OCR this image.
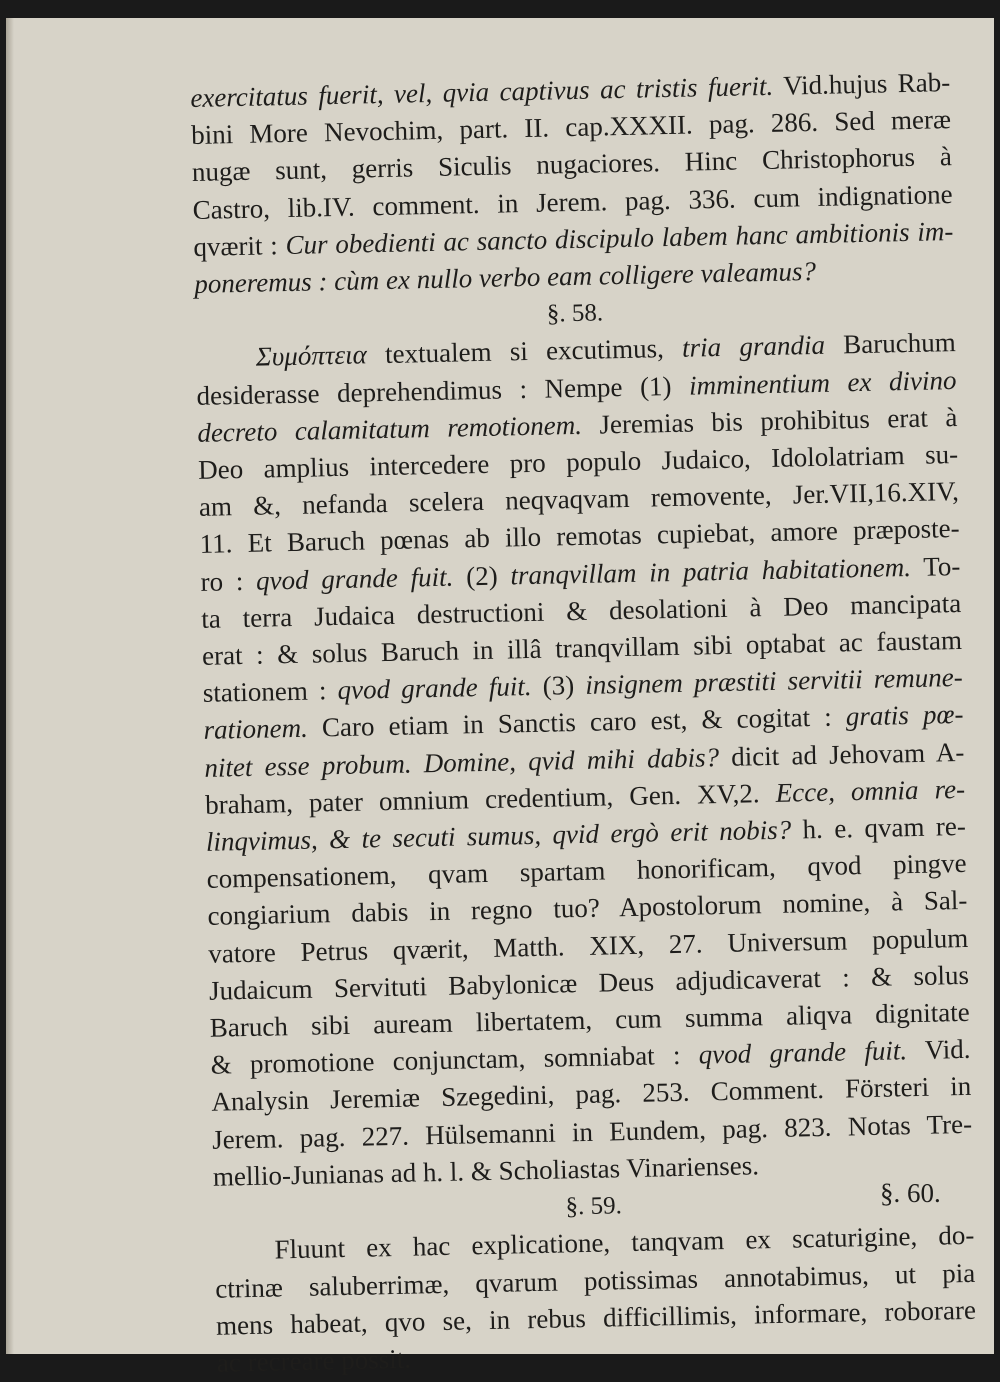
exercitatus fuerit, vel, qvia captivus ac tristis fuerit. Vid.hujus Rab-
bini More Nevochim, part. II. cap.XXXII. pag. 286. Sed meræ
nugæ sunt, gerris Siculis nugaciores. Hinc Christophorus à
Castro, lib.IV. comment. in Jerem. pag. 336. cum indignatione
qværit : Cur obedienti ac sancto discipulo labem hanc ambitionis im-
poneremus : cùm ex nullo verbo eam colligere valeamus?
§. 58.
Συμόπτεια textualem si excutimus, tria grandia Baruchum
desiderasse deprehendimus : Nempe (1) imminentium ex divino
decreto calamitatum remotionem. Jeremias bis prohibitus erat à
Deo amplius intercedere pro populo Judaico, Idololatriam su-
am &, nefanda scelera neqvaqvam removente, Jer.VII,16.XIV,
11. Et Baruch pœnas ab illo remotas cupiebat, amore præposte-
ro : qvod grande fuit. (2) tranqvillam in patria habitationem. To-
ta terra Judaica destructioni & desolationi à Deo mancipata
erat : & solus Baruch in illâ tranqvillam sibi optabat ac faustam
stationem : qvod grande fuit. (3) insignem præstiti servitii remune-
rationem. Caro etiam in Sanctis caro est, & cogitat : gratis pœ-
nitet esse probum. Domine, qvid mihi dabis? dicit ad Jehovam A-
braham, pater omnium credentium, Gen. XV,2. Ecce, omnia re-
linqvimus, & te secuti sumus, qvid ergò erit nobis? h. e. qvam re-
compensationem, qvam spartam honorificam, qvod pingve
congiarium dabis in regno tuo? Apostolorum nomine, à Sal-
vatore Petrus qværit, Matth. XIX, 27. Universum populum
Judaicum Servituti Babylonicæ Deus adjudicaverat : & solus
Baruch sibi auream libertatem, cum summa aliqva dignitate
& promotione conjunctam, somniabat : qvod grande fuit. Vid.
Analysin Jeremiæ Szegedini, pag. 253. Comment. Försteri in
Jerem. pag. 227. Hülsemanni in Eundem, pag. 823. Notas Tre-
mellio-Junianas ad h. l. & Scholiastas Vinarienses.
§. 59.
Fluunt ex hac explicatione, tanqvam ex scaturigine, do-
ctrinæ saluberrimæ, qvarum potissimas annotabimus, ut pia
mens habeat, qvo se, in rebus difficillimis, informare, roborare
ac recreare possit.
§. 60.
